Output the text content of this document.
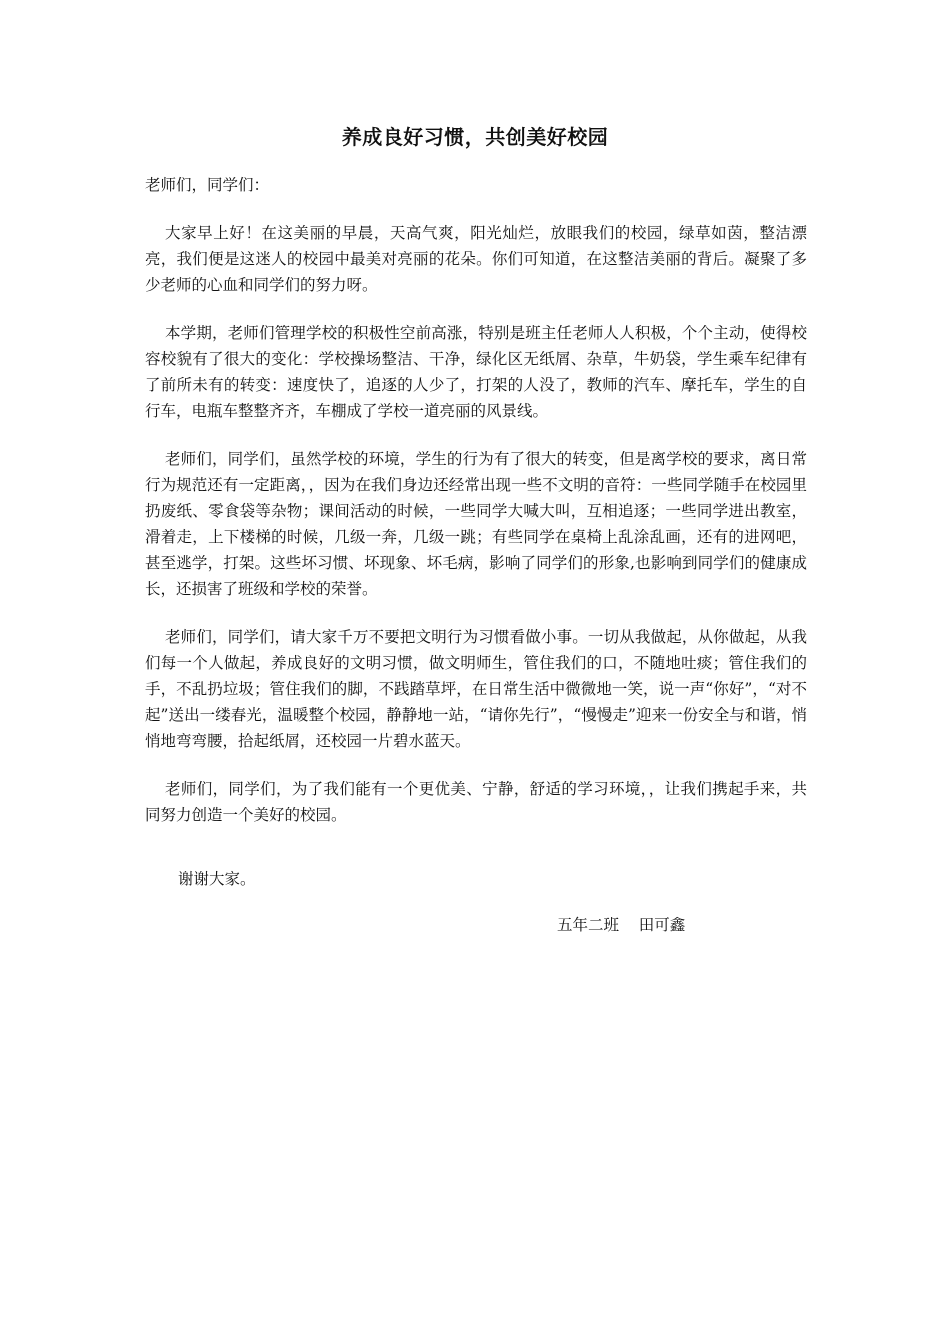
养成良好习惯，共创美好校园

老师们，同学们：

大家早上好！在这美丽的早晨，天高气爽，阳光灿烂，放眼我们的校园，绿草如茵，整洁漂亮，我们便是这迷人的校园中最美对亮丽的花朵。你们可知道，在这整洁美丽的背后。凝聚了多少老师的心血和同学们的努力呀。

本学期，老师们管理学校的积极性空前高涨，特别是班主任老师人人积极，个个主动，使得校容校貌有了很大的变化：学校操场整洁、干净，绿化区无纸屑、杂草，牛奶袋，学生乘车纪律有了前所未有的转变：速度快了，追逐的人少了，打架的人没了，教师的汽车、摩托车，学生的自行车，电瓶车整整齐齐，车棚成了学校一道亮丽的风景线。

老师们，同学们，虽然学校的环境，学生的行为有了很大的转变，但是离学校的要求，离日常行为规范还有一定距离，，因为在我们身边还经常出现一些不文明的音符：一些同学随手在校园里扔废纸、零食袋等杂物；课间活动的时候，一些同学大喊大叫，互相追逐；一些同学进出教室，滑着走，上下楼梯的时候，几级一奔，几级一跳；有些同学在桌椅上乱涂乱画，还有的进网吧，甚至逃学，打架。这些坏习惯、坏现象、坏毛病，影响了同学们的形象,也影响到同学们的健康成长，还损害了班级和学校的荣誉。

老师们，同学们，请大家千万不要把文明行为习惯看做小事。一切从我做起，从你做起，从我们每一个人做起，养成良好的文明习惯，做文明师生，管住我们的口，不随地吐痰；管住我们的手，不乱扔垃圾；管住我们的脚，不践踏草坪，在日常生活中微微地一笑，说一声“你好”，“对不起”送出一缕春光，温暖整个校园，静静地一站，“请你先行”，“慢慢走”迎来一份安全与和谐，悄悄地弯弯腰，拾起纸屑，还校园一片碧水蓝天。

老师们，同学们，为了我们能有一个更优美、宁静，舒适的学习环境，，让我们携起手来，共同努力创造一个美好的校园。

谢谢大家。
五年二班    田可鑫
